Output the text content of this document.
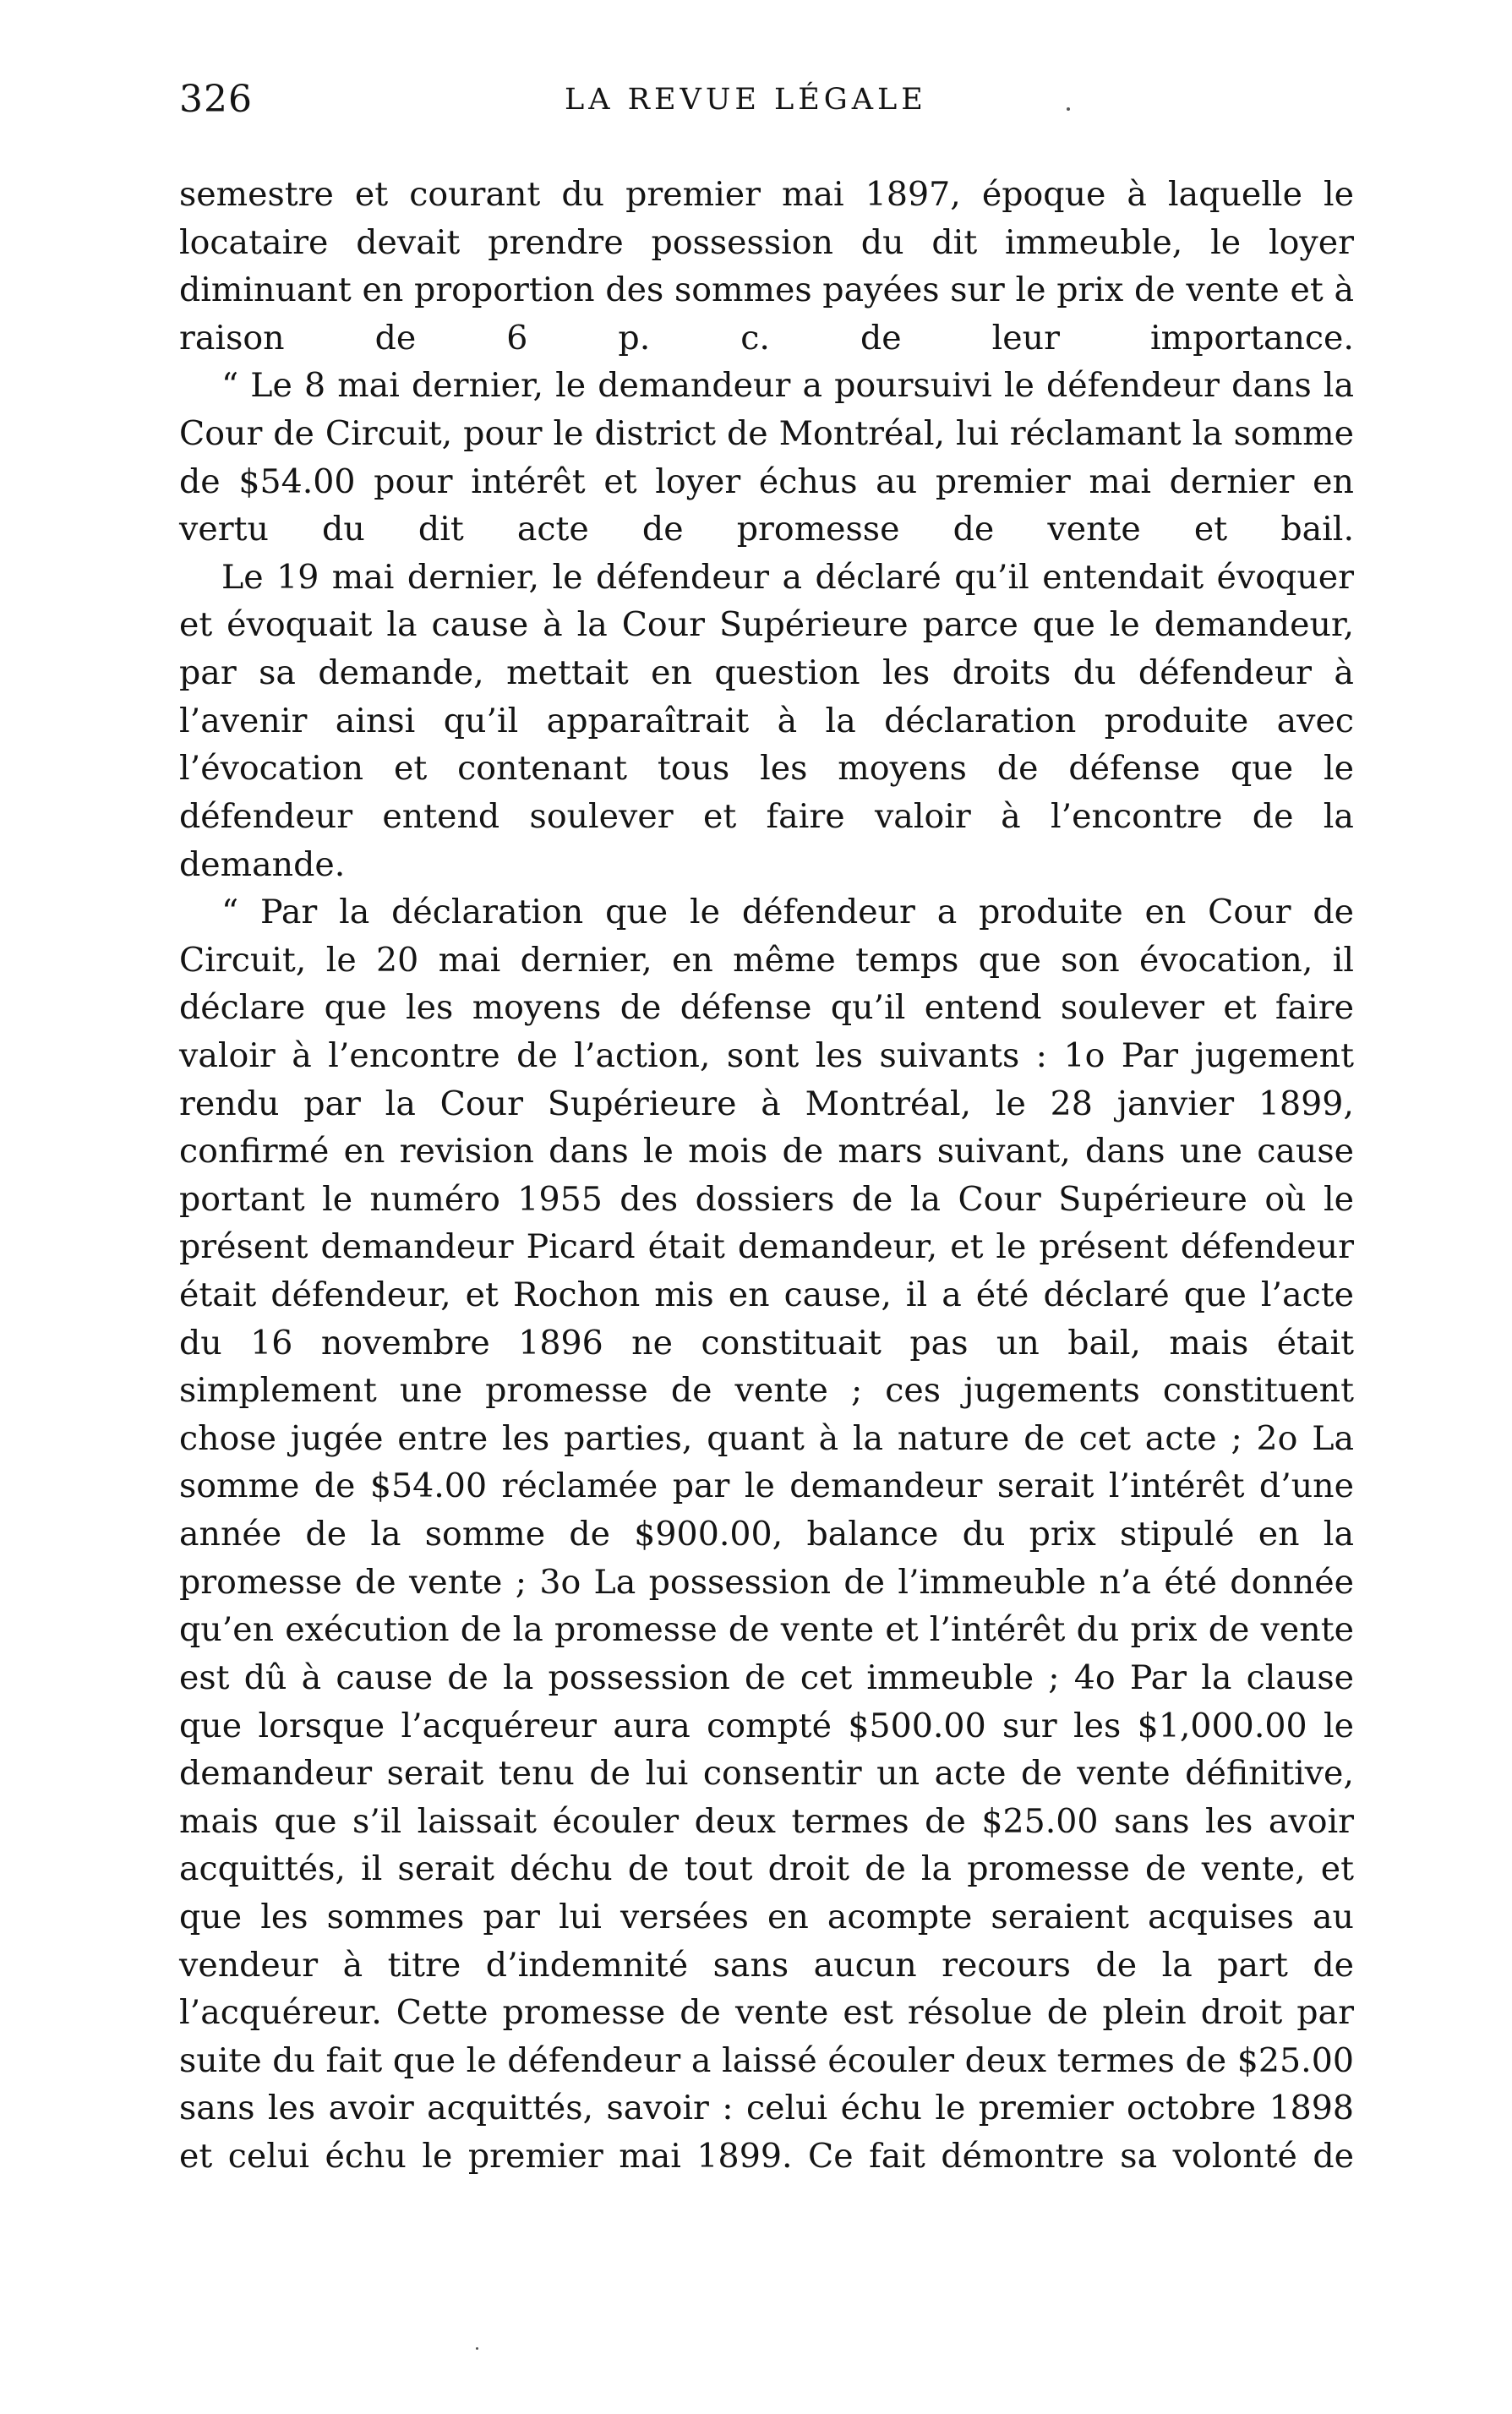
326	LA REVUE LÉGALE

semestre et courant du premier mai 1897, époque à laquelle le locataire devait prendre possession du dit immeuble, le loyer diminuant en proportion des sommes payées sur le prix de vente et à raison de 6 p. c. de leur importance.

“ Le 8 mai dernier, le demandeur a poursuivi le défendeur dans la Cour de Circuit, pour le district de Montréal, lui réclamant la somme de $54.00 pour intérêt et loyer échus au premier mai dernier en vertu du dit acte de promesse de vente et bail.

Le 19 mai dernier, le défendeur a déclaré qu’il entendait évoquer et évoquait la cause à la Cour Supérieure parce que le demandeur, par sa demande, mettait en question les droits du défendeur à l’avenir ainsi qu’il apparaîtrait à la déclaration produite avec l’évocation et contenant tous les moyens de défense que le défendeur entend soulever et faire valoir à l’encontre de la demande.

“ Par la déclaration que le défendeur a produite en Cour de Circuit, le 20 mai dernier, en même temps que son évocation, il déclare que les moyens de défense qu’il entend soulever et faire valoir à l’encontre de l’action, sont les suivants : 1o Par jugement rendu par la Cour Supérieure à Montréal, le 28 janvier 1899, confirmé en revision dans le mois de mars suivant, dans une cause portant le numéro 1955 des dossiers de la Cour Supérieure où le présent demandeur Picard était demandeur, et le présent défendeur était défendeur, et Rochon mis en cause, il a été déclaré que l’acte du 16 novembre 1896 ne constituait pas un bail, mais était simplement une promesse de vente ; ces jugements constituent chose jugée entre les parties, quant à la nature de cet acte ; 2o La somme de $54.00 réclamée par le demandeur serait l’intérêt d’une année de la somme de $900.00, balance du prix stipulé en la promesse de vente ; 3o La possession de l’immeuble n’a été donnée qu’en exécution de la promesse de vente et l’intérêt du prix de vente est dû à cause de la possession de cet immeuble ; 4o Par la clause que lorsque l’acquéreur aura compté $500.00 sur les $1,000.00 le demandeur serait tenu de lui consentir un acte de vente définitive, mais que s’il laissait écouler deux termes de $25.00 sans les avoir acquittés, il serait déchu de tout droit de la promesse de vente, et que les sommes par lui versées en acompte seraient acquises au vendeur à titre d’indemnité sans aucun recours de la part de l’acquéreur. Cette promesse de vente est résolue de plein droit par suite du fait que le défendeur a laissé écouler deux termes de $25.00 sans les avoir acquittés, savoir : celui échu le premier octobre 1898 et celui échu le premier mai 1899. Ce fait démontre sa volonté de
